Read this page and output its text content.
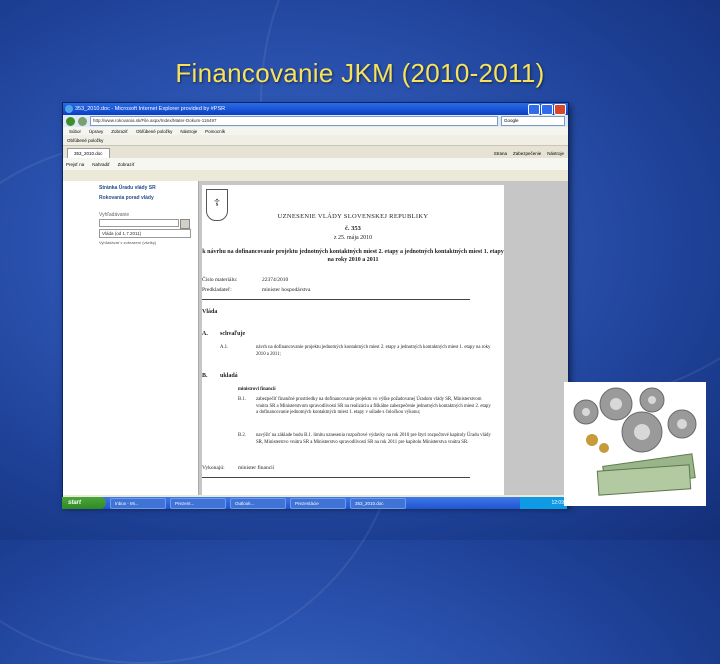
Financovanie JKM (2010-2011)
353_2010.doc - Microsoft Internet Explorer provided by #PSR
http://www.rokovania.sk/File.aspx/Index/Mater-Dokum-116497	Google
Súbor Úpravy Zobraziť Obľúbené položky Nástroje Pomocník
Obľúbené položky
353_2010.doc	Strana Zabezpečenie Nástroje
Prejsť na Nahradiť Zobraziť
Stránka Úradu vlády SR
Rokovania porad vlády
Vyhľadávanie
Vláda (od 1.7.2011)
Vyhľadávať v zobrazení (všetky)
☦
UZNESENIE VLÁDY SLOVENSKEJ REPUBLIKY
č. 353
z 25. mája 2010
k návrhu na dofinancovanie projektu jednotných kontaktných miest 2. etapy a jednotných kontaktných miest 1. etapy na roky 2010 a 2011
Číslo materiálu:	22374/2010
Predkladateľ:	minister hospodárstva
Vláda
A. schvaľuje
A.1.	návrh na dofinancovanie projektu jednotných kontaktných miest 2. etapy a jednotných kontaktných miest 1. etapy na roky 2010 a 2011;
B. ukladá
ministrovi financií
B.1. zabezpečiť finančné prostriedky na dofinancovanie projektu vo výške požadovanej Úradom vlády SR, Ministerstvom vnútra SR a Ministerstvom spravodlivosti SR na realizáciu a fiškálne zabezpečenie jednotných kontaktných miest 2. etapy a dofinancovanie jednotných kontaktných miest 1. etapy v súlade s čoločkou výkonu;
B.2. navýšiť na základe bodu B.1. limitu uznesenia rozpočtové výdavky na rok 2010 pre štyri rozpočtové kapitoly Úradu vlády SR, Ministerstvo vnútra SR a Ministerstvo spravodlivosti SR na rok 2011 pre kapitolu Ministerstva vnútra SR.
Vykonajú: minister financií
start	Inbox - Mi...	Prezent...	Outlook...	Prezentácie	353_2010.doc	12:09
